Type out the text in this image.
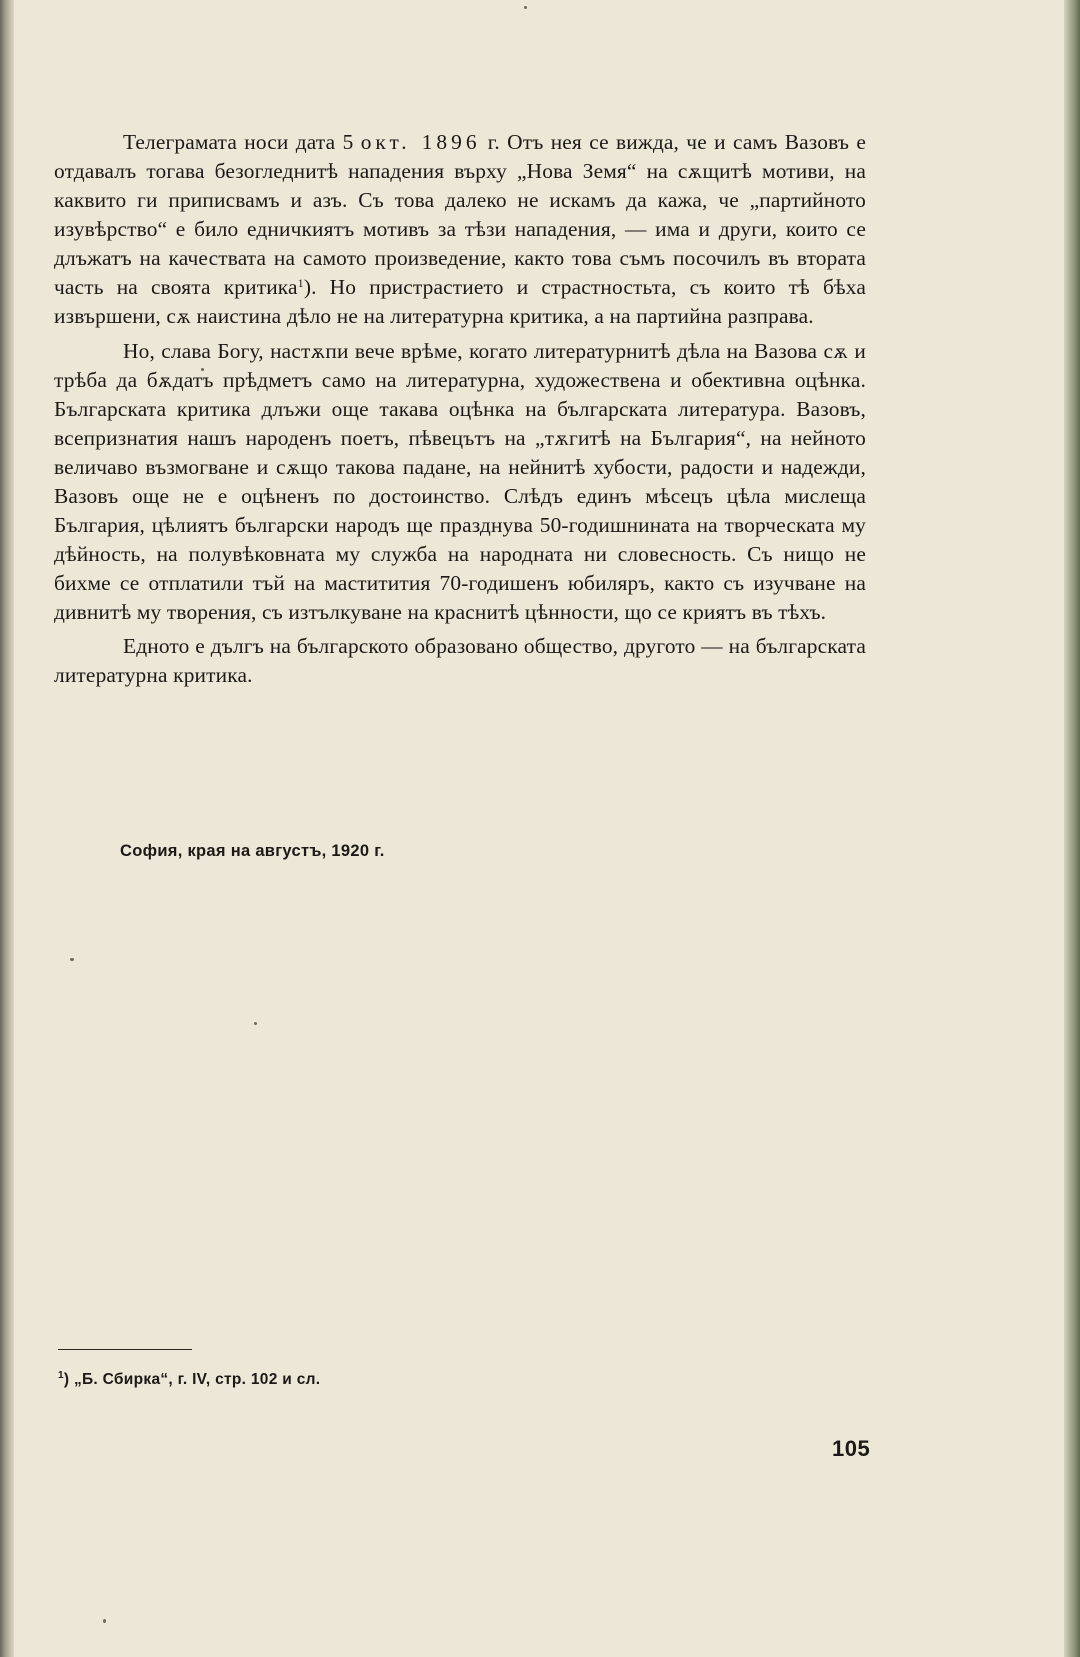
Телеграмата носи дата 5 окт. 1896 г. Отъ нея се вижда, че и самъ Вазовъ е отдавалъ тогава безогледнитѣ нападения върху „Нова Земя“ на сѫщитѣ мотиви, на каквито ги приписвамъ и азъ. Съ това далеко не искамъ да кажа, че „партийното изувѣрство“ е било едничкиятъ мотивъ за тѣзи нападения, — има и други, които се длъжатъ на качествата на самото произведение, както това съмъ посочилъ въ втората часть на своята критика$^1$). Но пристрастието и страстностьта, съ които тѣ бѣха извършени, сѫ наистина дѣло не на литературна критика, а на партийна разправа.

Но, слава Богу, настѫпи вече врѣме, когато литературнитѣ дѣла на Вазова сѫ и трѣба да бѫдатъ прѣдметъ само на литературна, художествена и обективна оцѣнка. Българската критика длъжи още такава оцѣнка на българската литература. Вазовъ, всепризнатия нашъ народенъ поетъ, пѣвецътъ на „тѫгитѣ на България“, на нейното величаво възмогване и сѫщо такова падане, на нейнитѣ хубости, радости и надежди, Вазовъ още не е оцѣненъ по достоинство. Слѣдъ единъ мѣсецъ цѣла мислеща България, цѣлиятъ български народъ ще празднува 50-годишнината на творческата му дѣйность, на полувѣковната му служба на народната ни словесность. Съ нищо не бихме се отплатили тъй на маститития 70-годишенъ юбиляръ, както съ изучване на дивнитѣ му творения, съ изтълкуване на краснитѣ цѣнности, що се криятъ въ тѣхъ.

Едното е дългъ на българското образовано общество, другото — на българската литературна критика.

София, края на августъ, 1920 г.
$^1$) „Б. Сбирка“, г. IV, стр. 102 и сл.
105
